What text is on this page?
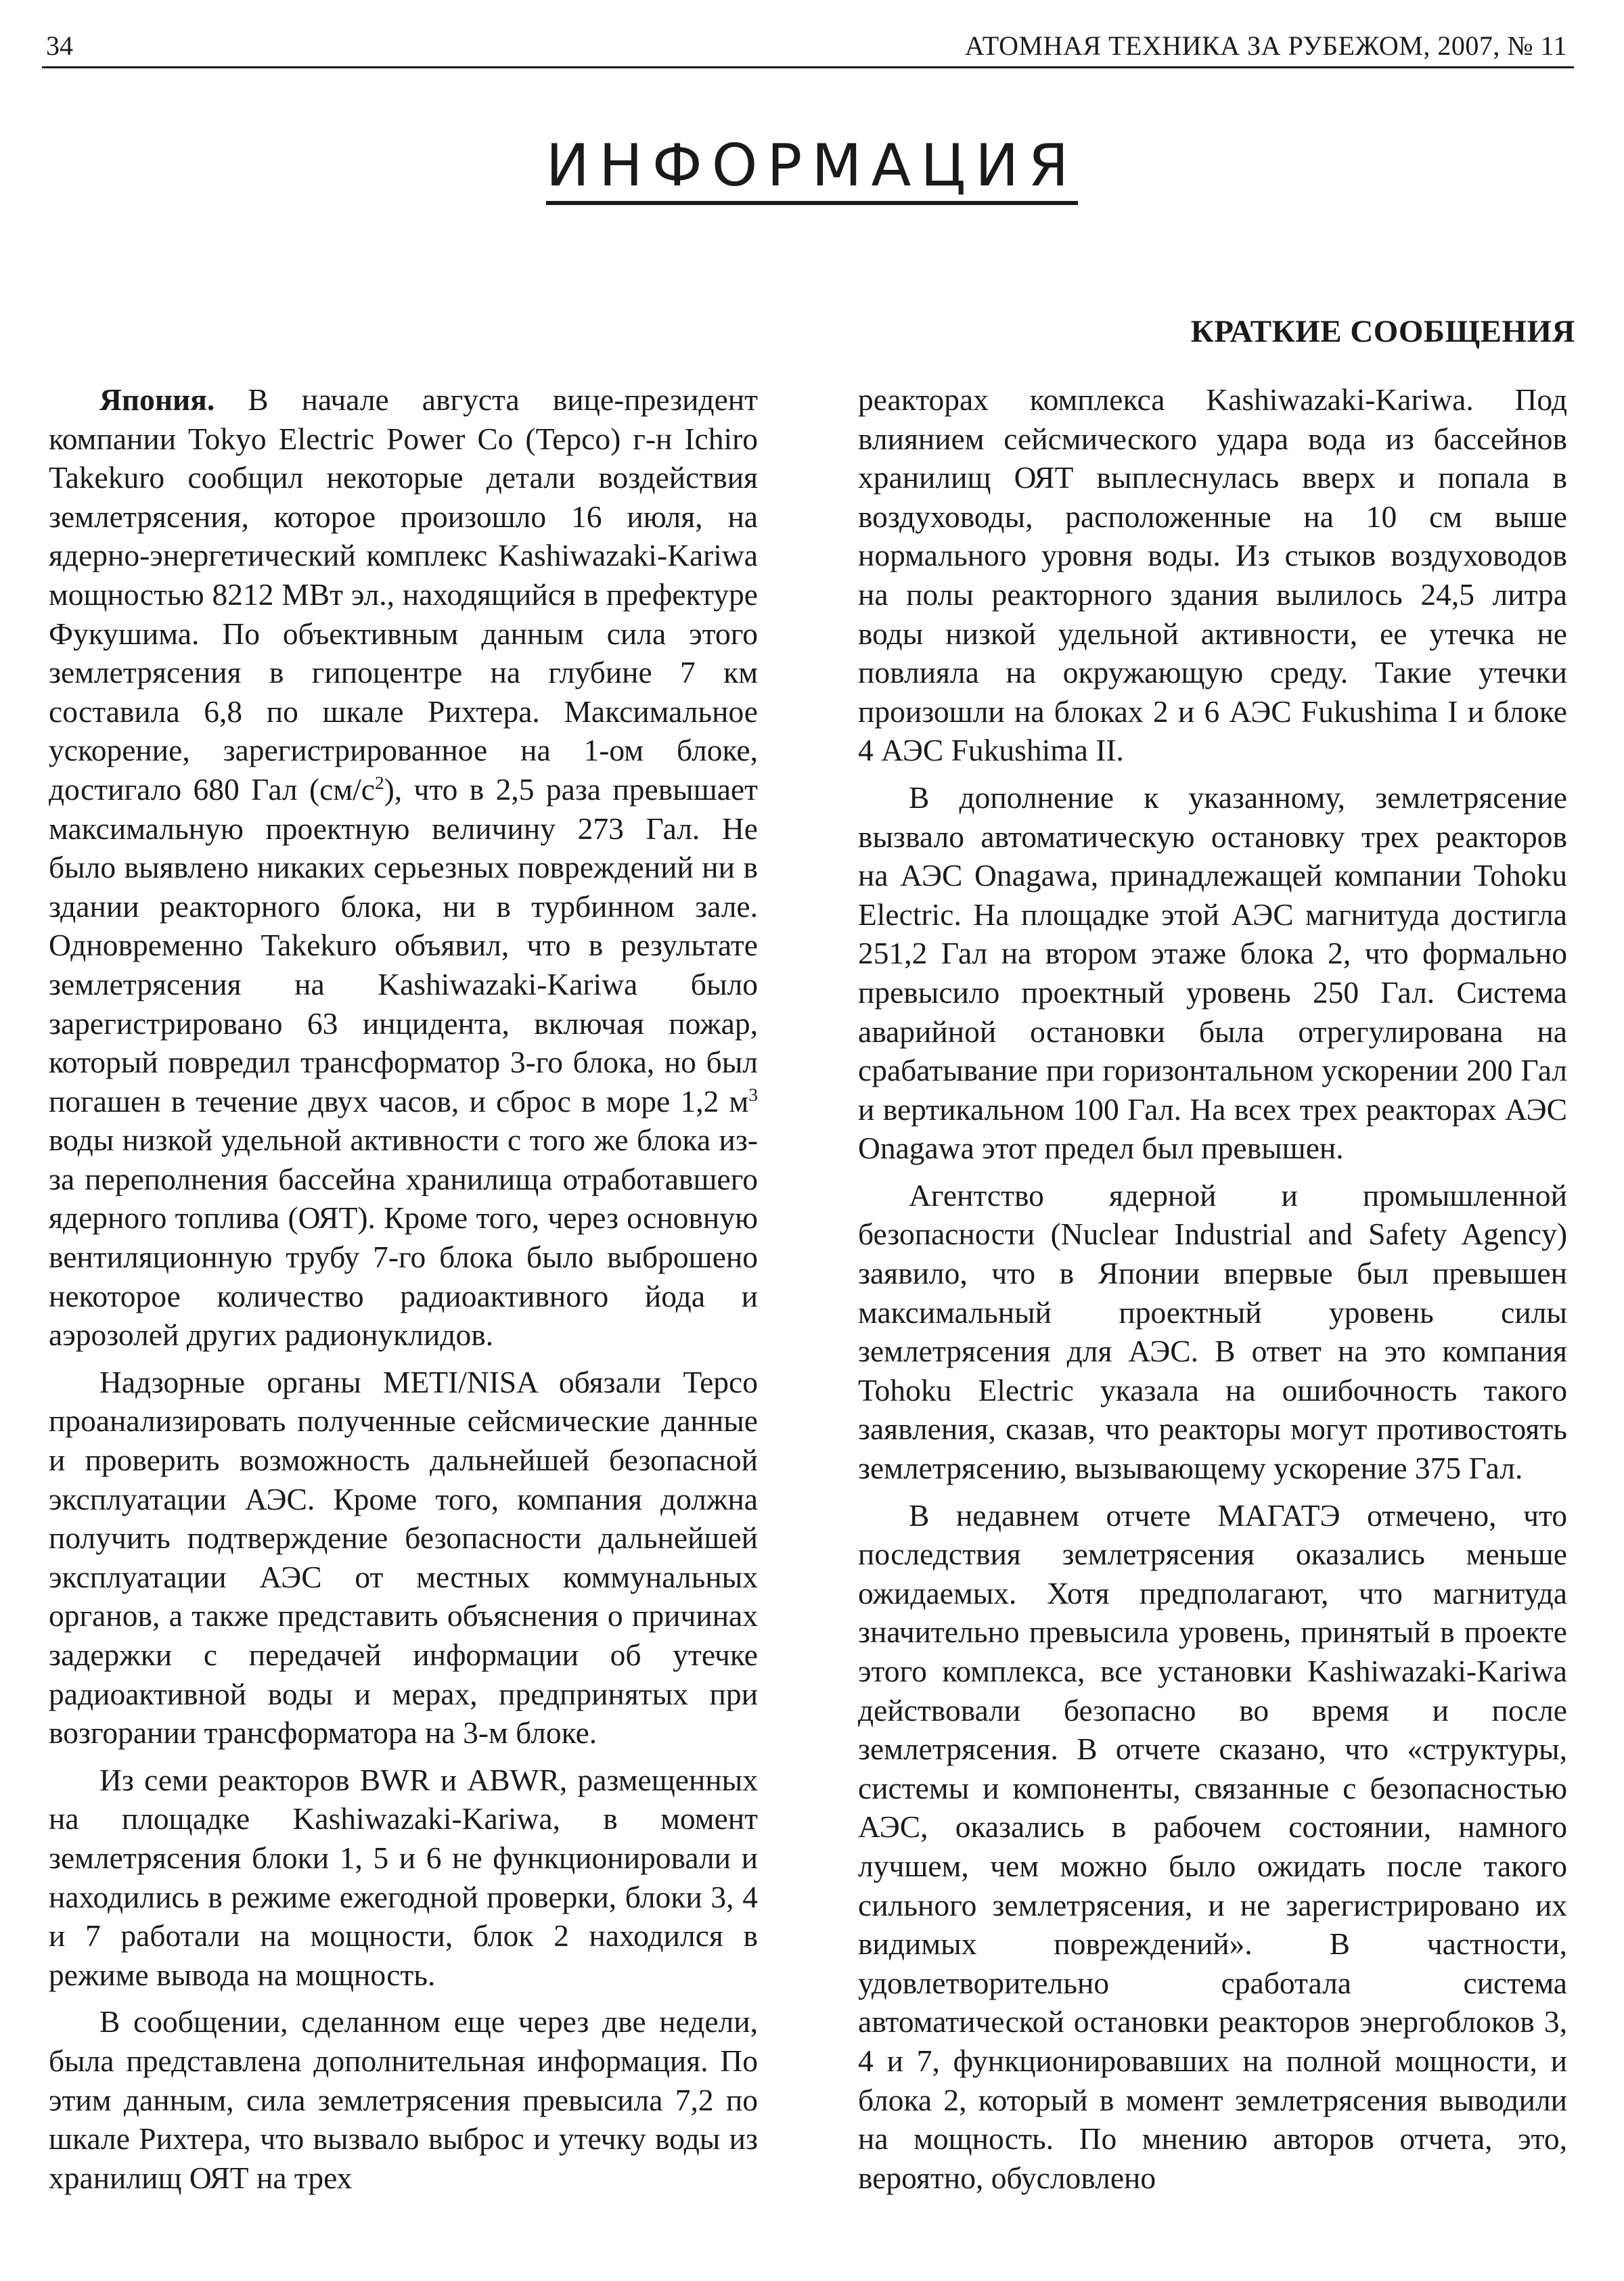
34	АТОМНАЯ ТЕХНИКА ЗА РУБЕЖОМ, 2007, № 11
ИНФОРМАЦИЯ
КРАТКИЕ СООБЩЕНИЯ

Япония. В начале августа вице-президент компании Tokyo Electric Power Co (Tepco) г-н Ichiro Takekuro сообщил некоторые детали воздействия землетрясения, которое произошло 16 июля, на ядерно-энергетический комплекс Kashiwazaki-Kariwa мощностью 8212 МВт эл., находящийся в префектуре Фукушима. По объективным данным сила этого землетрясения в гипоцентре на глубине 7 км составила 6,8 по шкале Рихтера. Максимальное ускорение, зарегистрированное на 1-ом блоке, достигало 680 Гал $(см/с^2)$, что в 2,5 раза превышает максимальную проектную величину 273 Гал. Не было выявлено никаких серьезных повреждений ни в здании реакторного блока, ни в турбинном зале. Одновременно Takekuro объявил, что в результате землетрясения на Kashiwazaki-Kariwa было зарегистрировано 63 инцидента, включая пожар, который повредил трансформатор 3-го блока, но был погашен в течение двух часов, и сброс в море 1,2 $м^3$ воды низкой удельной активности с того же блока из-за переполнения бассейна хранилища отработавшего ядерного топлива (ОЯТ). Кроме того, через основную вентиляционную трубу 7-го блока было выброшено некоторое количество радиоактивного йода и аэрозолей других радионуклидов.

Надзорные органы METI/NISA обязали Tepco проанализировать полученные сейсмические данные и проверить возможность дальнейшей безопасной эксплуатации АЭС. Кроме того, компания должна получить подтверждение безопасности дальнейшей эксплуатации АЭС от местных коммунальных органов, а также представить объяснения о причинах задержки с передачей информации об утечке радиоактивной воды и мерах, предпринятых при возгорании трансформатора на 3-м блоке.

Из семи реакторов BWR и ABWR, размещенных на площадке Kashiwazaki-Kariwa, в момент землетрясения блоки 1, 5 и 6 не функционировали и находились в режиме ежегодной проверки, блоки 3, 4 и 7 работали на мощности, блок 2 находился в режиме вывода на мощность.

В сообщении, сделанном еще через две недели, была представлена дополнительная информация. По этим данным, сила землетрясения превысила 7,2 по шкале Рихтера, что вызвало выброс и утечку воды из хранилищ ОЯТ на трех

реакторах комплекса Kashiwazaki-Kariwa. Под влиянием сейсмического удара вода из бассейнов хранилищ ОЯТ выплеснулась вверх и попала в воздуховоды, расположенные на 10 см выше нормального уровня воды. Из стыков воздуховодов на полы реакторного здания вылилось 24,5 литра воды низкой удельной активности, ее утечка не повлияла на окружающую среду. Такие утечки произошли на блоках 2 и 6 АЭС Fukushima I и блоке 4 АЭС Fukushima II.

В дополнение к указанному, землетрясение вызвало автоматическую остановку трех реакторов на АЭС Onagawa, принадлежащей компании Tohoku Electric. На площадке этой АЭС магнитуда достигла 251,2 Гал на втором этаже блока 2, что формально превысило проектный уровень 250 Гал. Система аварийной остановки была отрегулирована на срабатывание при горизонтальном ускорении 200 Гал и вертикальном 100 Гал. На всех трех реакторах АЭС Onagawa этот предел был превышен.

Агентство ядерной и промышленной безопасности (Nuclear Industrial and Safety Agency) заявило, что в Японии впервые был превышен максимальный проектный уровень силы землетрясения для АЭС. В ответ на это компания Tohoku Electric указала на ошибочность такого заявления, сказав, что реакторы могут противостоять землетрясению, вызывающему ускорение 375 Гал.

В недавнем отчете МАГАТЭ отмечено, что последствия землетрясения оказались меньше ожидаемых. Хотя предполагают, что магнитуда значительно превысила уровень, принятый в проекте этого комплекса, все установки Kashiwazaki-Kariwa действовали безопасно во время и после землетрясения. В отчете сказано, что «структуры, системы и компоненты, связанные с безопасностью АЭС, оказались в рабочем состоянии, намного лучшем, чем можно было ожидать после такого сильного землетрясения, и не зарегистрировано их видимых повреждений». В частности, удовлетворительно сработала система автоматической остановки реакторов энергоблоков 3, 4 и 7, функционировавших на полной мощности, и блока 2, который в момент землетрясения выводили на мощность. По мнению авторов отчета, это, вероятно, обусловлено
